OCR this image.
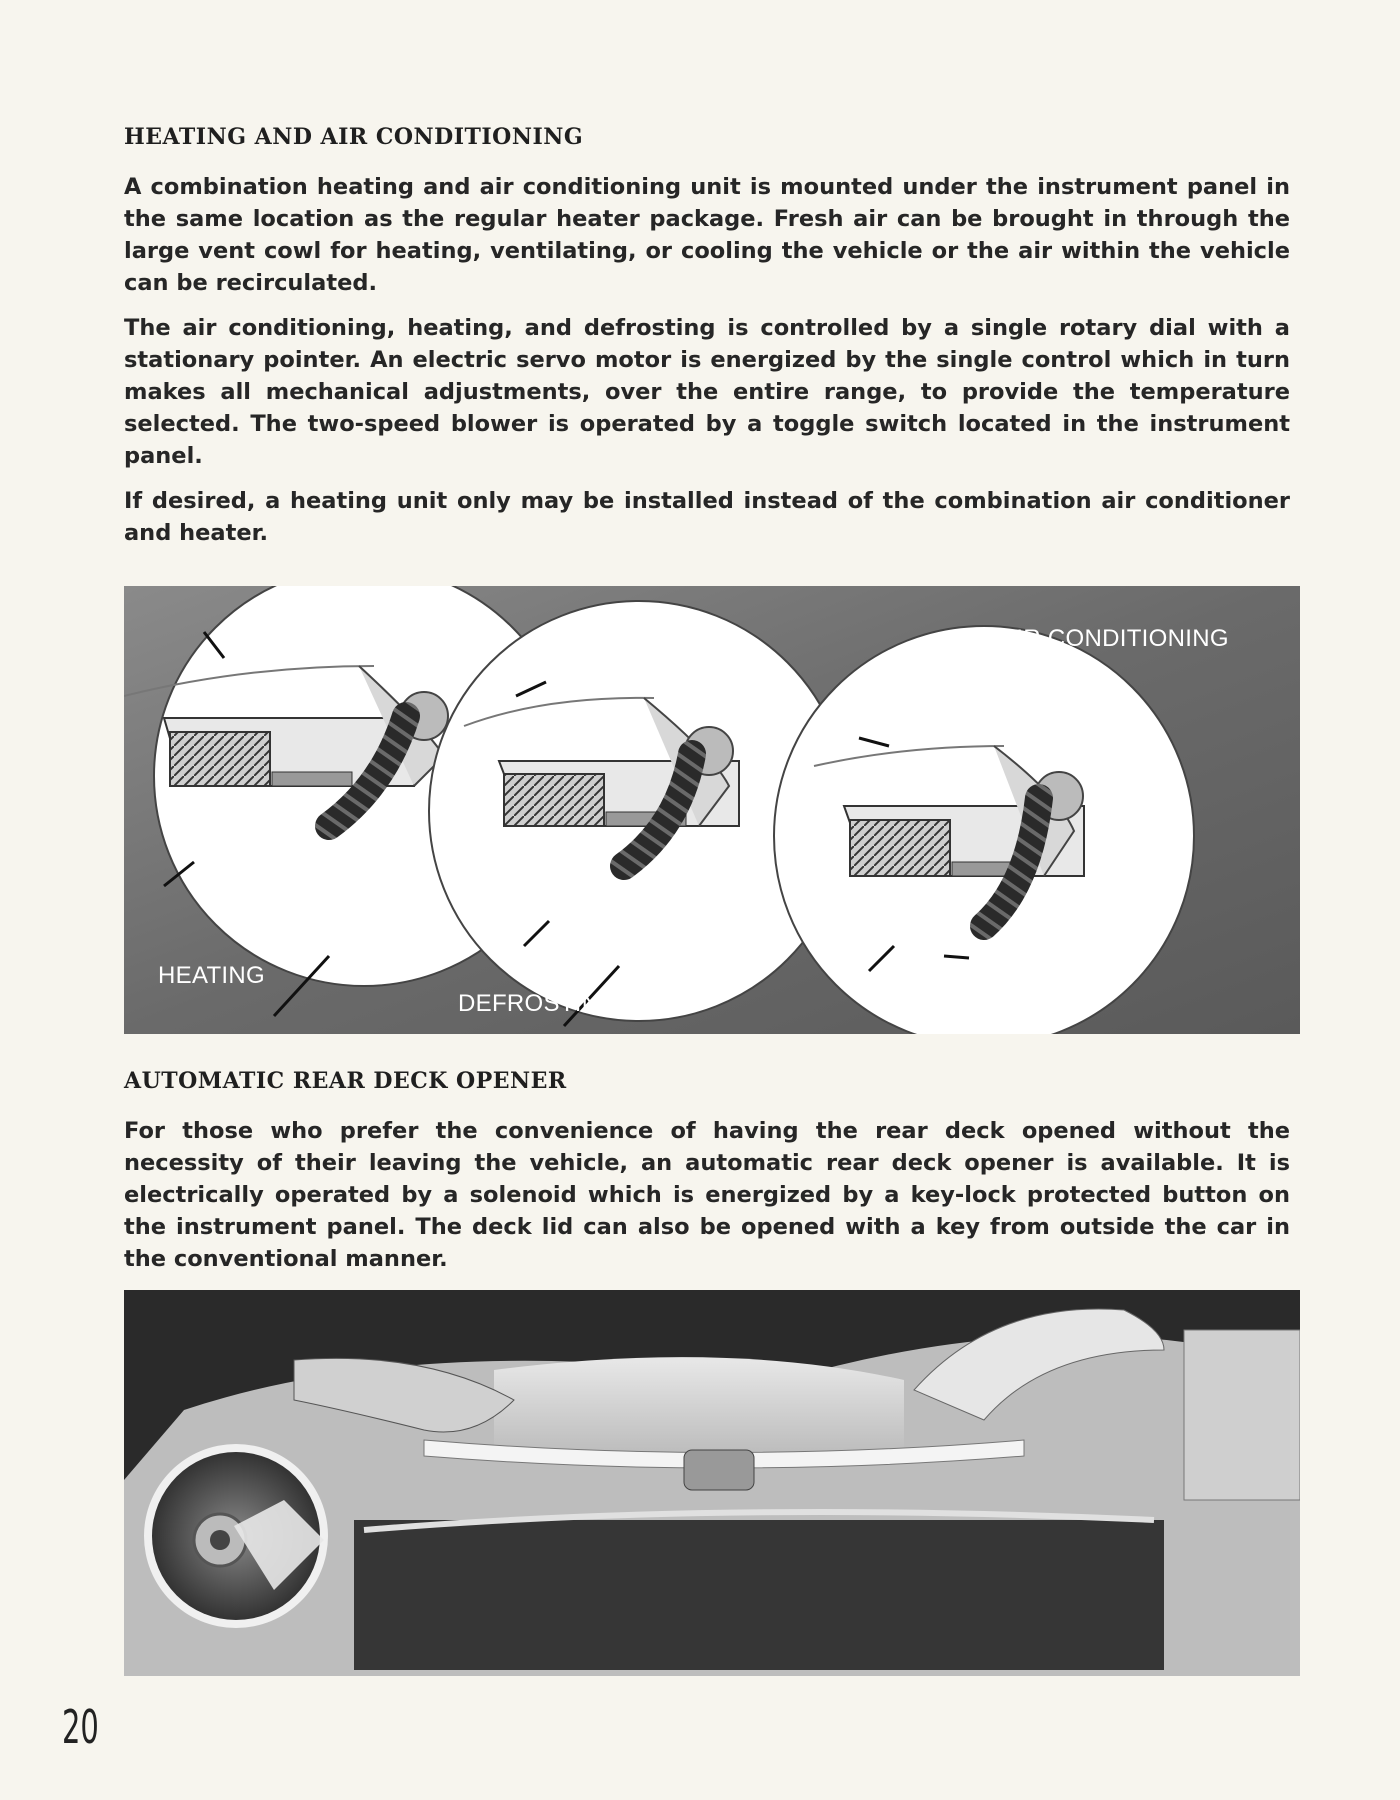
HEATING AND AIR CONDITIONING

A combination heating and air conditioning unit is mounted under the instrument panel in the same location as the regular heater package. Fresh air can be brought in through the large vent cowl for heating, ventilating, or cooling the vehicle or the air within the vehicle can be recirculated.

The air conditioning, heating, and defrosting is controlled by a single rotary dial with a stationary pointer. An electric servo motor is energized by the single control which in turn makes all mechanical adjustments, over the entire range, to provide the temperature selected. The two-speed blower is operated by a toggle switch located in the instrument panel.

If desired, a heating unit only may be installed instead of the combination air conditioner and heater.

HEATING
DEFROSTING
AIR CONDITIONING
AUTOMATIC REAR DECK OPENER

For those who prefer the convenience of having the rear deck opened without the necessity of their leaving the vehicle, an automatic rear deck opener is available. It is electrically operated by a solenoid which is energized by a key-lock protected button on the instrument panel. The deck lid can also be opened with a key from outside the car in the conventional manner.

20
